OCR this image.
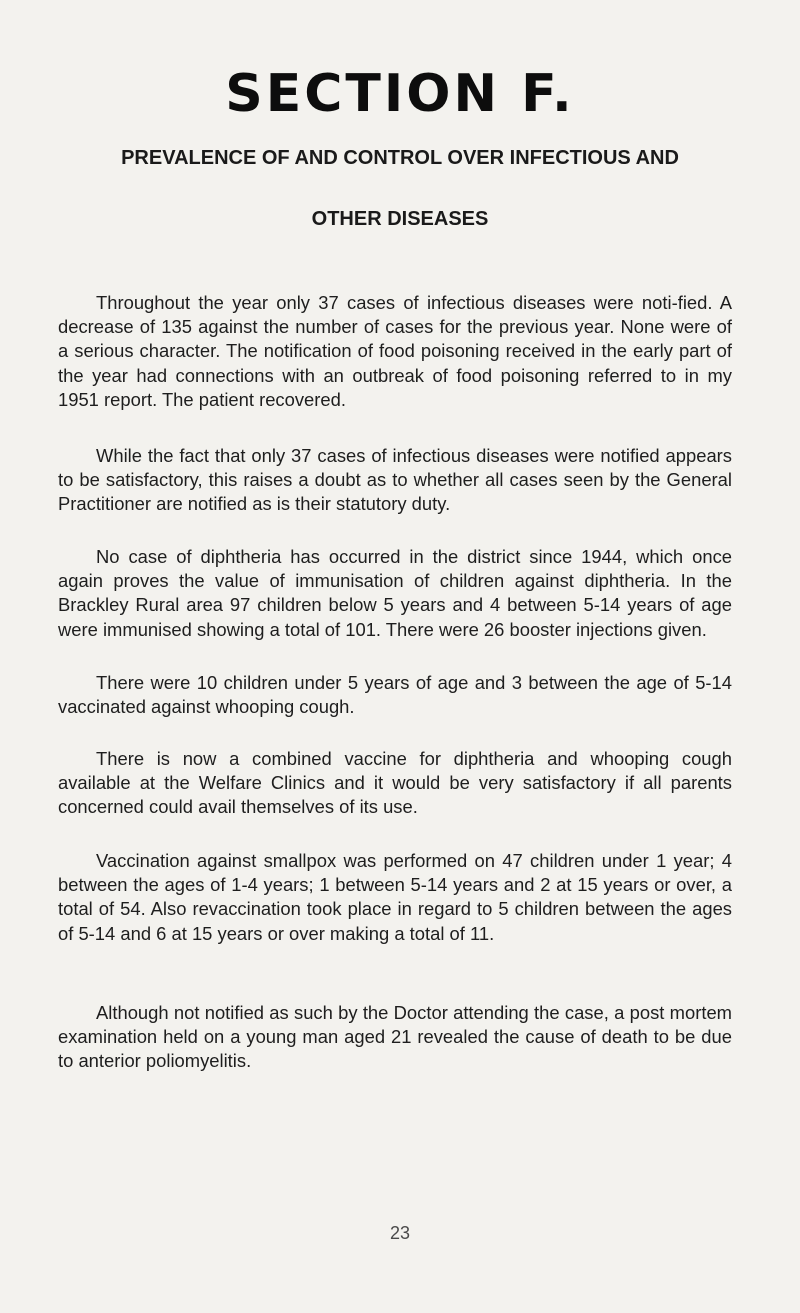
SECTION F.
PREVALENCE OF AND CONTROL OVER INFECTIOUS AND
OTHER DISEASES

Throughout the year only 37 cases of infectious diseases were noti-fied. A decrease of 135 against the number of cases for the previous year. None were of a serious character. The notification of food poisoning received in the early part of the year had connections with an outbreak of food poisoning referred to in my 1951 report. The patient recovered.

While the fact that only 37 cases of infectious diseases were notified appears to be satisfactory, this raises a doubt as to whether all cases seen by the General Practitioner are notified as is their statutory duty.

No case of diphtheria has occurred in the district since 1944, which once again proves the value of immunisation of children against diphtheria. In the Brackley Rural area 97 children below 5 years and 4 between 5-14 years of age were immunised showing a total of 101. There were 26 booster injections given.

There were 10 children under 5 years of age and 3 between the age of 5-14 vaccinated against whooping cough.

There is now a combined vaccine for diphtheria and whooping cough available at the Welfare Clinics and it would be very satisfactory if all parents concerned could avail themselves of its use.

Vaccination against smallpox was performed on 47 children under 1 year; 4 between the ages of 1-4 years; 1 between 5-14 years and 2 at 15 years or over, a total of 54. Also revaccination took place in regard to 5 children between the ages of 5-14 and 6 at 15 years or over making a total of 11.

Although not notified as such by the Doctor attending the case, a post mortem examination held on a young man aged 21 revealed the cause of death to be due to anterior poliomyelitis.

23
